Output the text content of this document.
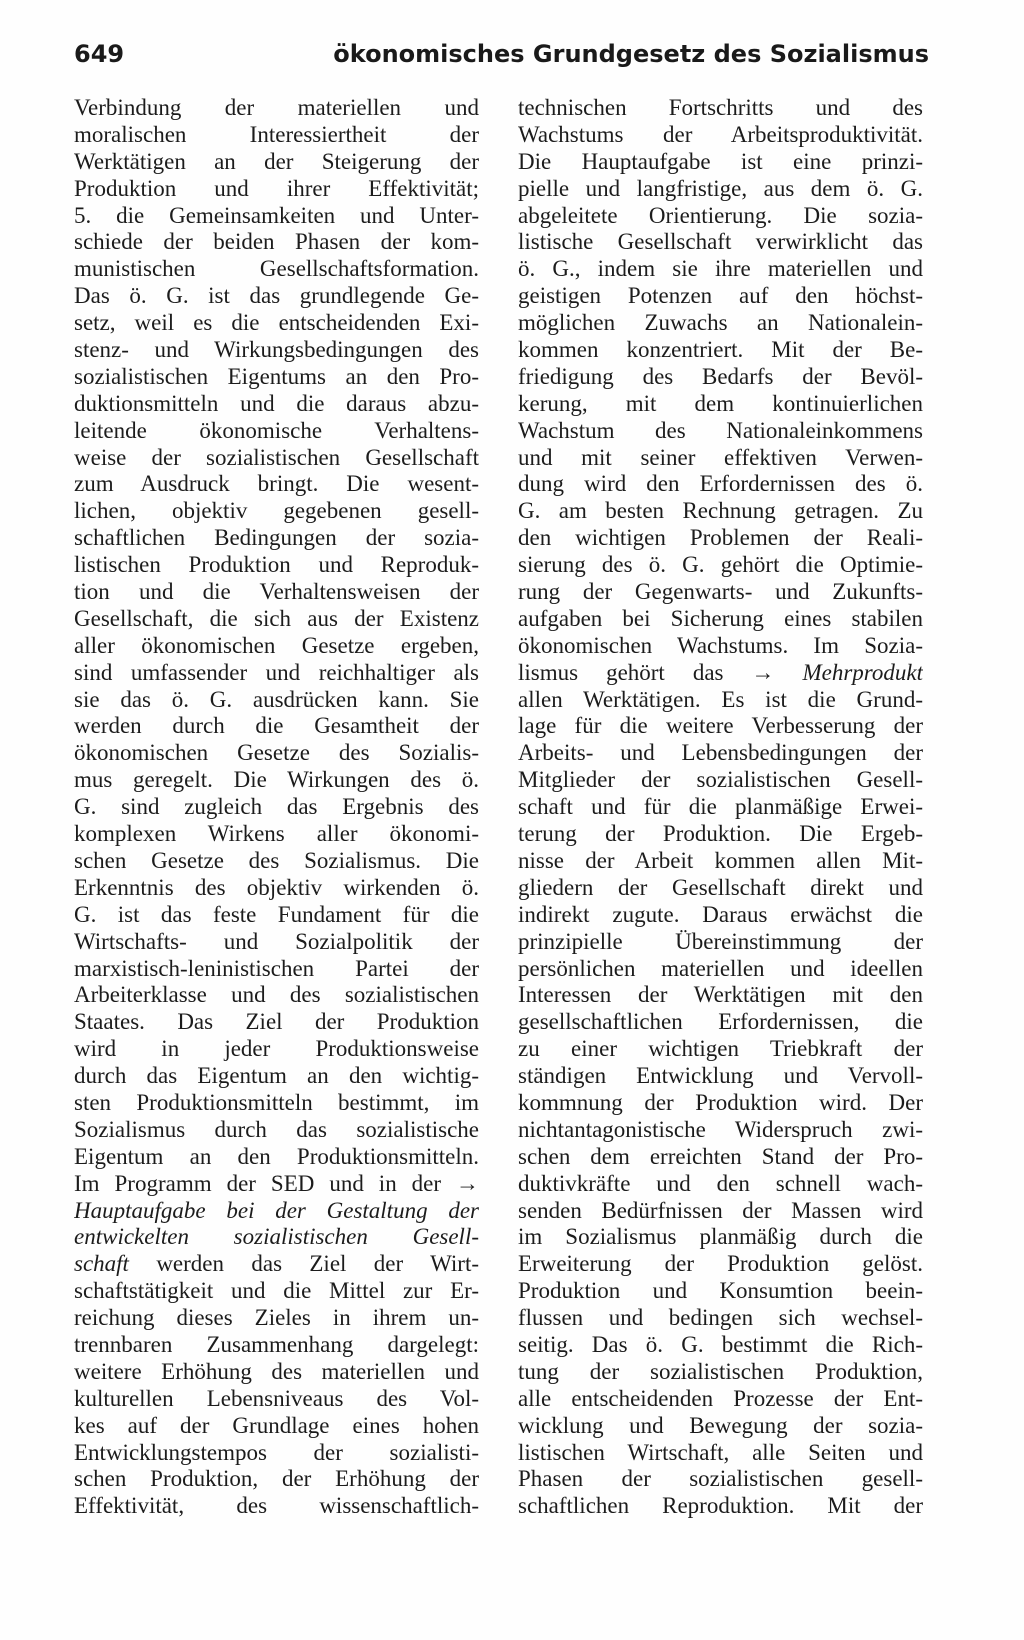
649	ökonomisches Grundgesetz des Sozialismus
Verbindung der materiellen und
moralischen Interessiertheit der
Werktätigen an der Steigerung der
Produktion und ihrer Effektivität;
5. die Gemeinsamkeiten und Unter-
schiede der beiden Phasen der kom-
munistischen Gesellschaftsformation.
Das ö. G. ist das grundlegende Ge-
setz, weil es die entscheidenden Exi-
stenz- und Wirkungsbedingungen des
sozialistischen Eigentums an den Pro-
duktionsmitteln und die daraus abzu-
leitende ökonomische Verhaltens-
weise der sozialistischen Gesellschaft
zum Ausdruck bringt. Die wesent-
lichen, objektiv gegebenen gesell-
schaftlichen Bedingungen der sozia-
listischen Produktion und Reproduk-
tion und die Verhaltensweisen der
Gesellschaft, die sich aus der Existenz
aller ökonomischen Gesetze ergeben,
sind umfassender und reichhaltiger als
sie das ö. G. ausdrücken kann. Sie
werden durch die Gesamtheit der
ökonomischen Gesetze des Sozialis-
mus geregelt. Die Wirkungen des ö.
G. sind zugleich das Ergebnis des
komplexen Wirkens aller ökonomi-
schen Gesetze des Sozialismus. Die
Erkenntnis des objektiv wirkenden ö.
G. ist das feste Fundament für die
Wirtschafts- und Sozialpolitik der
marxistisch-leninistischen Partei der
Arbeiterklasse und des sozialistischen
Staates. Das Ziel der Produktion
wird in jeder Produktionsweise
durch das Eigentum an den wichtig-
sten Produktionsmitteln bestimmt, im
Sozialismus durch das sozialistische
Eigentum an den Produktionsmitteln.
Im Programm der SED und in der →
Hauptaufgabe bei der Gestaltung der
entwickelten sozialistischen Gesell-
schaft werden das Ziel der Wirt-
schaftstätigkeit und die Mittel zur Er-
reichung dieses Zieles in ihrem un-
trennbaren Zusammenhang dargelegt:
weitere Erhöhung des materiellen und
kulturellen Lebensniveaus des Vol-
kes auf der Grundlage eines hohen
Entwicklungstempos der sozialisti-
schen Produktion, der Erhöhung der
Effektivität, des wissenschaftlich-
technischen Fortschritts und des
Wachstums der Arbeitsproduktivität.
Die Hauptaufgabe ist eine prinzi-
pielle und langfristige, aus dem ö. G.
abgeleitete Orientierung. Die sozia-
listische Gesellschaft verwirklicht das
ö. G., indem sie ihre materiellen und
geistigen Potenzen auf den höchst-
möglichen Zuwachs an Nationalein-
kommen konzentriert. Mit der Be-
friedigung des Bedarfs der Bevöl-
kerung, mit dem kontinuierlichen
Wachstum des Nationaleinkommens
und mit seiner effektiven Verwen-
dung wird den Erfordernissen des ö.
G. am besten Rechnung getragen. Zu
den wichtigen Problemen der Reali-
sierung des ö. G. gehört die Optimie-
rung der Gegenwarts- und Zukunfts-
aufgaben bei Sicherung eines stabilen
ökonomischen Wachstums. Im Sozia-
lismus gehört das → Mehrprodukt
allen Werktätigen. Es ist die Grund-
lage für die weitere Verbesserung der
Arbeits- und Lebensbedingungen der
Mitglieder der sozialistischen Gesell-
schaft und für die planmäßige Erwei-
terung der Produktion. Die Ergeb-
nisse der Arbeit kommen allen Mit-
gliedern der Gesellschaft direkt und
indirekt zugute. Daraus erwächst die
prinzipielle Übereinstimmung der
persönlichen materiellen und ideellen
Interessen der Werktätigen mit den
gesellschaftlichen Erfordernissen, die
zu einer wichtigen Triebkraft der
ständigen Entwicklung und Vervoll-
kommnung der Produktion wird. Der
nichtantagonistische Widerspruch zwi-
schen dem erreichten Stand der Pro-
duktivkräfte und den schnell wach-
senden Bedürfnissen der Massen wird
im Sozialismus planmäßig durch die
Erweiterung der Produktion gelöst.
Produktion und Konsumtion beein-
flussen und bedingen sich wechsel-
seitig. Das ö. G. bestimmt die Rich-
tung der sozialistischen Produktion,
alle entscheidenden Prozesse der Ent-
wicklung und Bewegung der sozia-
listischen Wirtschaft, alle Seiten und
Phasen der sozialistischen gesell-
schaftlichen Reproduktion. Mit der
